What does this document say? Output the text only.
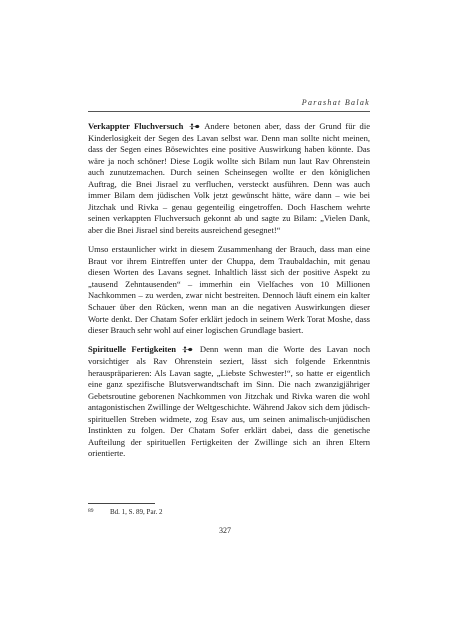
Parashat Balak

Verkappter Fluchversuch Andere betonen aber, dass der Grund für die Kinderlosigkeit der Segen des Lavan selbst war. Denn man sollte nicht meinen, dass der Segen eines Bösewichtes eine positive Auswirkung haben könnte. Das wäre ja noch schöner! Diese Logik wollte sich Bilam nun laut Rav Ohrenstein auch zunutzemachen. Durch seinen Scheinsegen wollte er den königlichen Auftrag, die Bnei Jisrael zu verfluchen, versteckt ausführen. Denn was auch immer Bilam dem jüdischen Volk jetzt gewünscht hätte, wäre dann – wie bei Jitzchak und Rivka – genau gegenteilig eingetroffen. Doch Haschem wehrte seinen verkappten Fluchversuch gekonnt ab und sagte zu Bilam: „Vielen Dank, aber die Bnei Jisrael sind bereits ausreichend gesegnet!“

Umso erstaunlicher wirkt in diesem Zusammenhang der Brauch, dass man eine Braut vor ihrem Eintreffen unter der Chuppa, dem Traubaldachin, mit genau diesen Worten des Lavans segnet. Inhaltlich lässt sich der positive Aspekt zu „tausend Zehntausenden“ – immerhin ein Vielfaches von 10 Millionen Nachkommen – zu werden, zwar nicht bestreiten. Dennoch läuft einem ein kalter Schauer über den Rücken, wenn man an die negativen Auswirkungen dieser Worte denkt. Der Chatam Sofer erklärt jedoch in seinem Werk Torat Moshe, dass dieser Brauch sehr wohl auf einer logischen Grundlage basiert.

Spirituelle Fertigkeiten	Denn wenn man die Worte des Lavan noch vorsichtiger als Rav Ohrenstein seziert, lässt sich folgende Erkenntnis herauspräparieren: Als Lavan sagte, „Liebste Schwester!“, so hatte er eigentlich eine ganz spezifische Blutsverwandtschaft im Sinn. Die nach zwanzigjähriger Gebetsroutine geborenen Nachkommen von Jitzchak und Rivka waren die wohl antagonistischen Zwillinge der Weltgeschichte. Während Jakov sich dem jüdisch-spirituellen Streben widmete, zog Esav aus, um seinen animalisch-unjüdischen Instinkten zu folgen. Der Chatam Sofer erklärt dabei, dass die genetische Aufteilung der spirituellen Fertigkeiten der Zwillinge sich an ihren Eltern orientierte.

89 Bd. 1, S. 89, Par. 2
327
